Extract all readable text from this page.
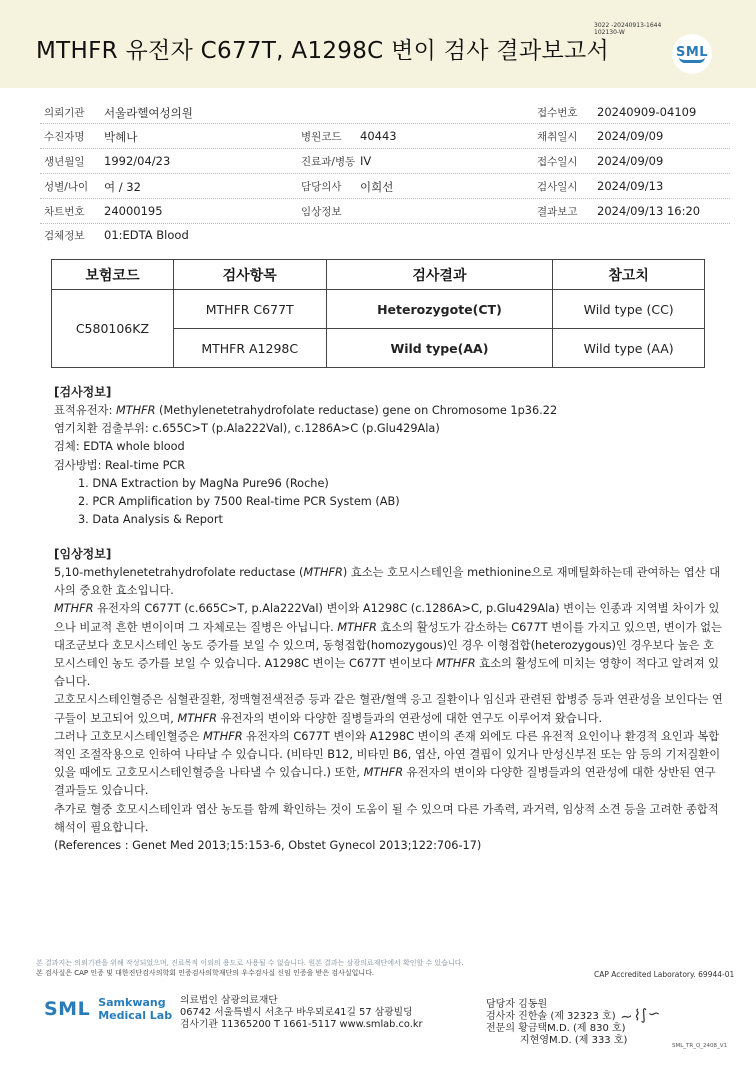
MTHFR 유전자 C677T, A1298C 변이 검사 결과보고서
3022 -20240913-1644
102130-W
SML
의뢰기관 서울라헬여성의원	접수번호 20240909-04109
수진자명 박혜나	병원코드 40443	채취일시 2024/09/09
생년월일 1992/04/23	진료과/병동 IV	접수일시 2024/09/09
성별/나이 여 / 32	담당의사 이희선	검사일시 2024/09/13
차트번호 24000195	임상정보	결과보고 2024/09/13 16:20
검체정보 01:EDTA Blood
보험코드	검사항목	검사결과	참고치
C580106KZ	MTHFR C677T	Heterozygote(CT)	Wild type (CC)
	MTHFR A1298C	Wild type(AA)	Wild type (AA)
[검사정보]
표적유전자: MTHFR (Methylenetetrahydrofolate reductase) gene on Chromosome 1p36.22
염기치환 검출부위: c.655C>T (p.Ala222Val), c.1286A>C (p.Glu429Ala)
검체: EDTA whole blood
검사방법: Real-time PCR
1. DNA Extraction by MagNa Pure96 (Roche)
2. PCR Amplification by 7500 Real-time PCR System (AB)
3. Data Analysis & Report
[임상정보]

5,10-methylenetetrahydrofolate reductase (MTHFR) 효소는 호모시스테인을 methionine으로 재메틸화하는데 관여하는 엽산 대사의 중요한 효소입니다.

MTHFR 유전자의 C677T (c.665C>T, p.Ala222Val) 변이와 A1298C (c.1286A>C, p.Glu429Ala) 변이는 인종과 지역별 차이가 있으나 비교적 흔한 변이이며 그 자체로는 질병은 아닙니다. MTHFR 효소의 활성도가 감소하는 C677T 변이를 가지고 있으면, 변이가 없는 대조군보다 호모시스테인 농도 증가를 보일 수 있으며, 동형접합(homozygous)인 경우 이형접합(heterozygous)인 경우보다 높은 호모시스테인 농도 증가를 보일 수 있습니다. A1298C 변이는 C677T 변이보다 MTHFR 효소의 활성도에 미치는 영향이 적다고 알려져 있습니다.

고호모시스테인혈증은 심혈관질환, 정맥혈전색전증 등과 같은 혈관/혈액 응고 질환이나 임신과 관련된 합병증 등과 연관성을 보인다는 연구들이 보고되어 있으며, MTHFR 유전자의 변이와 다양한 질병들과의 연관성에 대한 연구도 이루어져 왔습니다.

그러나 고호모시스테인혈증은 MTHFR 유전자의 C677T 변이와 A1298C 변이의 존재 외에도 다른 유전적 요인이나 환경적 요인과 복합적인 조절작용으로 인하여 나타날 수 있습니다. (비타민 B12, 비타민 B6, 엽산, 아연 결핍이 있거나 만성신부전 또는 암 등의 기저질환이 있을 때에도 고호모시스테인혈증을 나타낼 수 있습니다.) 또한, MTHFR 유전자의 변이와 다양한 질병들과의 연관성에 대한 상반된 연구결과들도 있습니다.

추가로 혈중 호모시스테인과 엽산 농도를 함께 확인하는 것이 도움이 될 수 있으며 다른 가족력, 과거력, 임상적 소견 등을 고려한 종합적 해석이 필요합니다.

(References : Genet Med 2013;15:153-6, Obstet Gynecol 2013;122:706-17)

본 결과지는 의뢰기관을 위해 작성되었으며, 진료목적 이외의 용도로 사용될 수 없습니다. 원본 결과는 삼광의료재단에서 확인할 수 있습니다.
본 검사실은 CAP 인증 및 대한진단검사의학회 인증검사의학재단의 우수검사실 신임 인증을 받은 검사실입니다.	CAP Accredited Laboratory. 69944-01
SML Samkwang
Medical Lab
의료법인 삼광의료재단
06742 서울특별시 서초구 바우뫼로41길 57 삼광빌딩
검사기관 11365200 T 1661-5117 www.smlab.co.kr
담당자 김동원
검사자 진한솔 (제 32323 호)
전문의 황금택M.D. (제 830 호)
지현영M.D. (제 333 호)
~⌇∫∽
SML_TR_Q_2408_V1
